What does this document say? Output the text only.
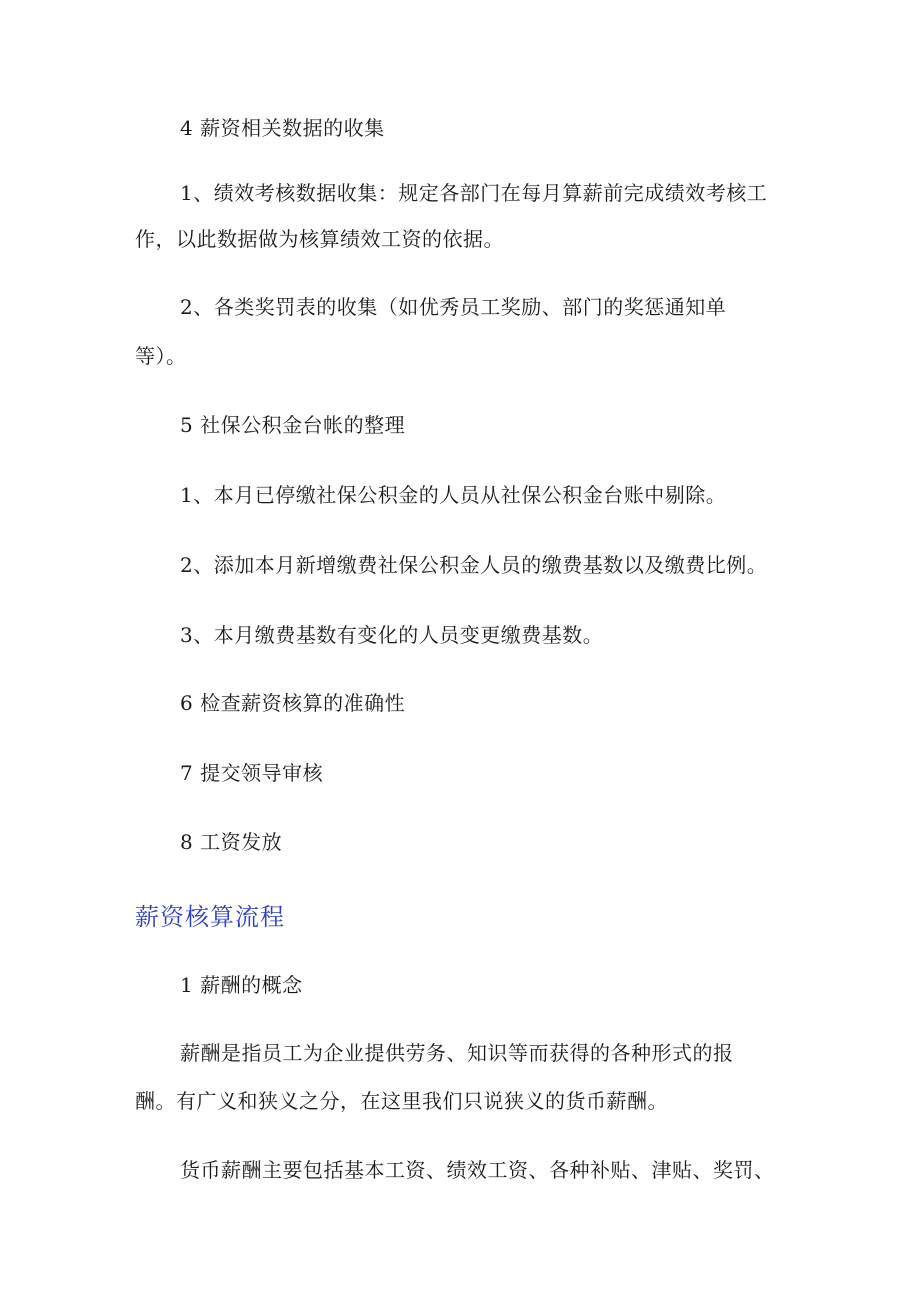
4 薪资相关数据的收集
1、绩效考核数据收集：规定各部门在每月算薪前完成绩效考核工
作，以此数据做为核算绩效工资的依据。
2、各类奖罚表的收集（如优秀员工奖励、部门的奖惩通知单
等）。
5 社保公积金台帐的整理
1、本月已停缴社保公积金的人员从社保公积金台账中剔除。
2、添加本月新增缴费社保公积金人员的缴费基数以及缴费比例。
3、本月缴费基数有变化的人员变更缴费基数。
6 检查薪资核算的准确性
7 提交领导审核
8 工资发放
薪资核算流程
1 薪酬的概念
薪酬是指员工为企业提供劳务、知识等而获得的各种形式的报
酬。有广义和狭义之分，在这里我们只说狭义的货币薪酬。
货币薪酬主要包括基本工资、绩效工资、各种补贴、津贴、奖罚、
